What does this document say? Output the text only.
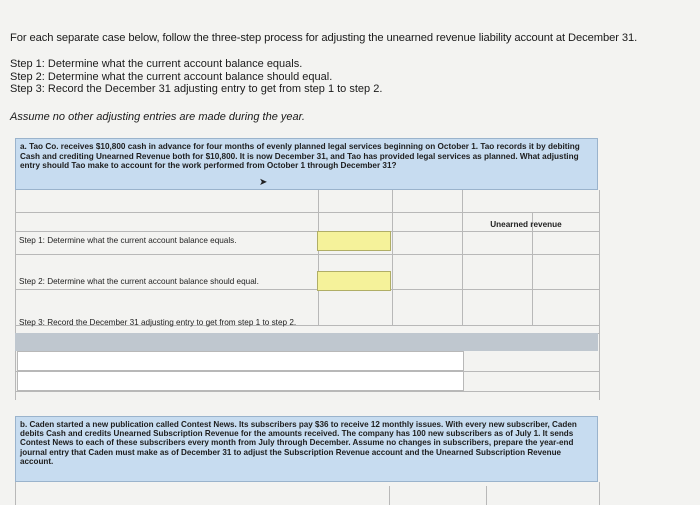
For each separate case below, follow the three-step process for adjusting the unearned revenue liability account at December 31.
Step 1: Determine what the current account balance equals.
Step 2: Determine what the current account balance should equal.
Step 3: Record the December 31 adjusting entry to get from step 1 to step 2.
Assume no other adjusting entries are made during the year.
a. Tao Co. receives $10,800 cash in advance for four months of evenly planned legal services beginning on October 1. Tao records it by debiting Cash and crediting Unearned Revenue both for $10,800. It is now December 31, and Tao has provided legal services as planned. What adjusting entry should Tao make to account for the work performed from October 1 through December 31?
➤
Unearned revenue
Step 1: Determine what the current account balance equals.
Step 2: Determine what the current account balance should equal.
Step 3: Record the December 31 adjusting entry to get from step 1 to step 2.
b. Caden started a new publication called Contest News. Its subscribers pay $36 to receive 12 monthly issues. With every new subscriber, Caden debits Cash and credits Unearned Subscription Revenue for the amounts received. The company has 100 new subscribers as of July 1. It sends Contest News to each of these subscribers every month from July through December. Assume no changes in subscribers, prepare the year-end journal entry that Caden must make as of December 31 to adjust the Subscription Revenue account and the Unearned Subscription Revenue account.
